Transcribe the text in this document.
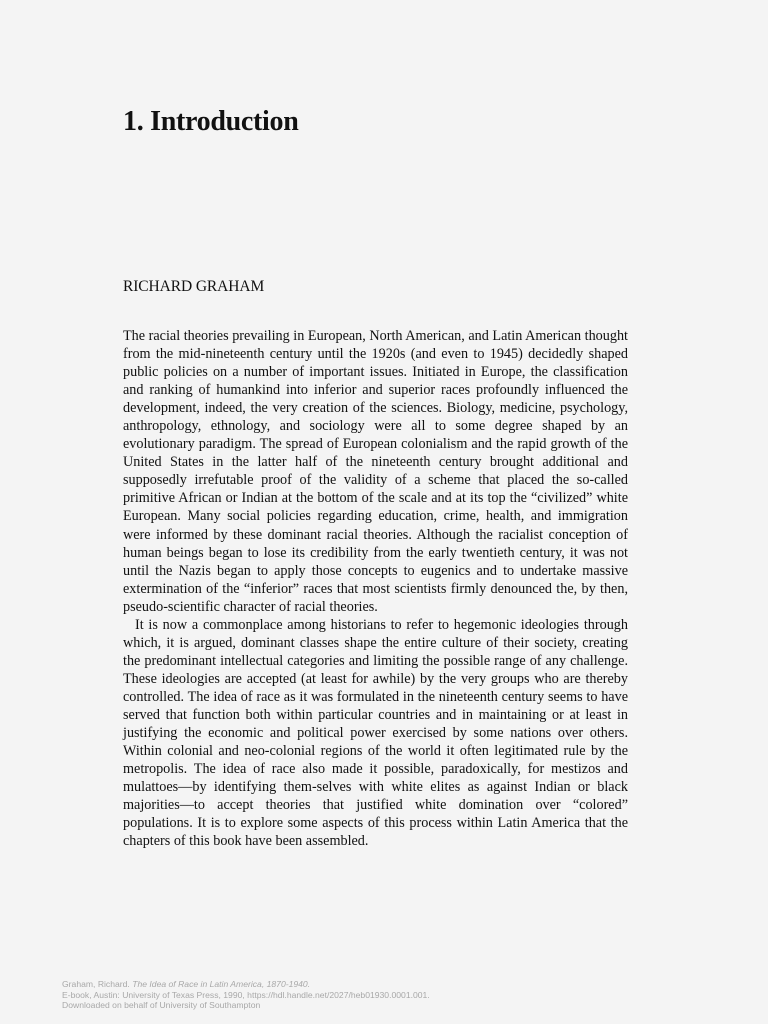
1. Introduction
RICHARD GRAHAM

The racial theories prevailing in European, North American, and Latin American thought from the mid-nineteenth century until the 1920s (and even to 1945) decidedly shaped public policies on a number of important issues. Initiated in Europe, the classification and ranking of humankind into inferior and superior races profoundly influenced the development, indeed, the very creation of the sciences. Biology, medicine, psychology, anthropology, ethnology, and sociology were all to some degree shaped by an evolutionary paradigm. The spread of European colonialism and the rapid growth of the United States in the latter half of the nineteenth century brought additional and supposedly irrefutable proof of the validity of a scheme that placed the so-called primitive African or Indian at the bottom of the scale and at its top the “civilized” white European. Many social policies regarding education, crime, health, and immigration were informed by these dominant racial theories. Although the racialist conception of human beings began to lose its credibility from the early twentieth century, it was not until the Nazis began to apply those concepts to eugenics and to undertake massive extermination of the “inferior” races that most scientists firmly denounced the, by then, pseudo-scientific character of racial theories.

It is now a commonplace among historians to refer to hegemonic ideologies through which, it is argued, dominant classes shape the entire culture of their society, creating the predominant intellectual categories and limiting the possible range of any challenge. These ideologies are accepted (at least for awhile) by the very groups who are thereby controlled. The idea of race as it was formulated in the nineteenth century seems to have served that function both within particular countries and in maintaining or at least in justifying the economic and political power exercised by some nations over others. Within colonial and neo-colonial regions of the world it often legitimated rule by the metropolis. The idea of race also made it possible, paradoxically, for mestizos and mulattoes—by identifying them-selves with white elites as against Indian or black majorities—to accept theories that justified white domination over “colored” populations. It is to explore some aspects of this process within Latin America that the chapters of this book have been assembled.

Graham, Richard. The Idea of Race in Latin America, 1870-1940.
E-book, Austin: University of Texas Press, 1990, https://hdl.handle.net/2027/heb01930.0001.001.
Downloaded on behalf of University of Southampton
